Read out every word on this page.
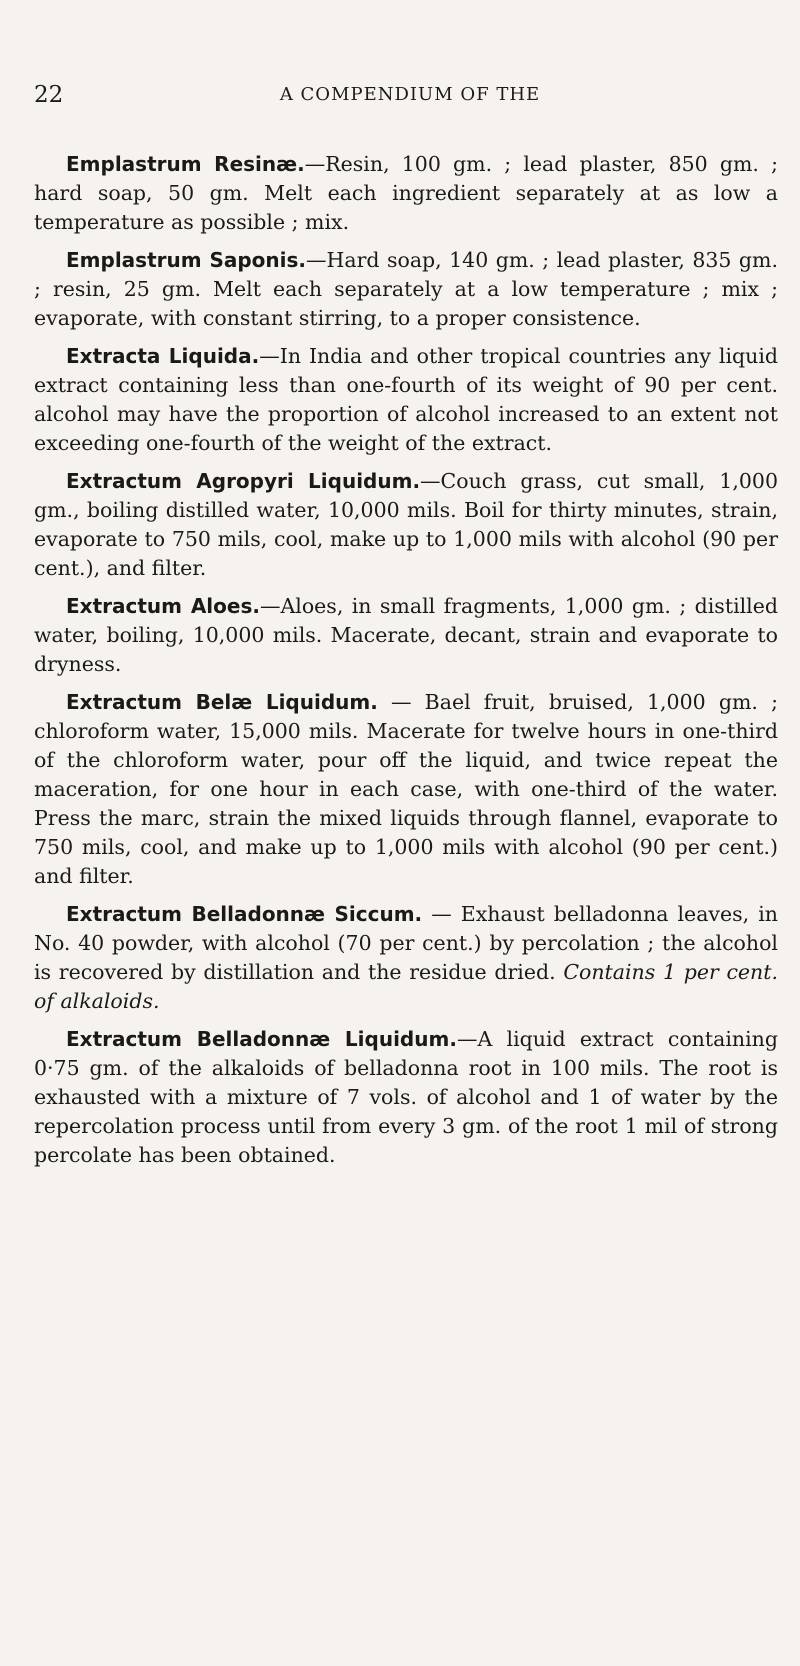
22	A COMPENDIUM OF THE

Emplastrum Resinæ.—Resin, 100 gm. ; lead plaster, 850 gm. ; hard soap, 50 gm. Melt each ingredient separately at as low a temperature as possible ; mix.

Emplastrum Saponis.—Hard soap, 140 gm. ; lead plaster, 835 gm. ; resin, 25 gm. Melt each separately at a low temperature ; mix ; evaporate, with constant stirring, to a proper consistence.

Extracta Liquida.—In India and other tropical countries any liquid extract containing less than one-fourth of its weight of 90 per cent. alcohol may have the proportion of alcohol increased to an extent not exceeding one-fourth of the weight of the extract.

Extractum Agropyri Liquidum.—Couch grass, cut small, 1,000 gm., boiling distilled water, 10,000 mils. Boil for thirty minutes, strain, evaporate to 750 mils, cool, make up to 1,000 mils with alcohol (90 per cent.), and filter.

Extractum Aloes.—Aloes, in small fragments, 1,000 gm. ; distilled water, boiling, 10,000 mils. Macerate, decant, strain and evaporate to dryness.

Extractum Belæ Liquidum. — Bael fruit, bruised, 1,000 gm. ; chloroform water, 15,000 mils. Macerate for twelve hours in one-third of the chloroform water, pour off the liquid, and twice repeat the maceration, for one hour in each case, with one-third of the water. Press the marc, strain the mixed liquids through flannel, evaporate to 750 mils, cool, and make up to 1,000 mils with alcohol (90 per cent.) and filter.

Extractum Belladonnæ Siccum. — Exhaust belladonna leaves, in No. 40 powder, with alcohol (70 per cent.) by percolation ; the alcohol is recovered by distillation and the residue dried. Contains 1 per cent. of alkaloids.

Extractum Belladonnæ Liquidum.—A liquid extract containing 0·75 gm. of the alkaloids of belladonna root in 100 mils. The root is exhausted with a mixture of 7 vols. of alcohol and 1 of water by the repercolation process until from every 3 gm. of the root 1 mil of strong percolate has been obtained.
